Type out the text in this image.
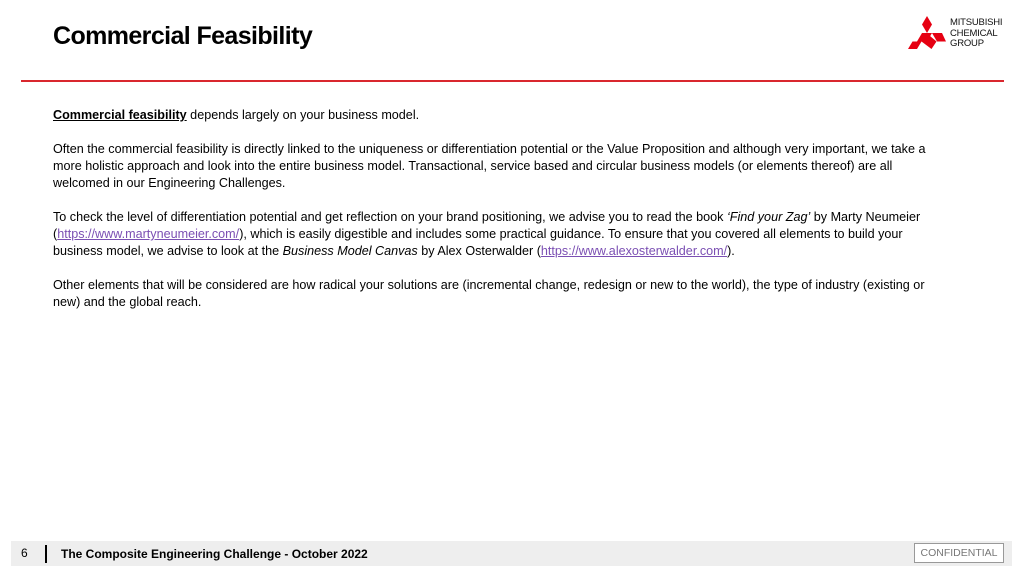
Commercial Feasibility	MITSUBISHI
CHEMICAL
GROUP

Commercial feasibility depends largely on your business model.

Often the commercial feasibility is directly linked to the uniqueness or differentiation potential or the Value Proposition and although very important, we take a more holistic approach and look into the entire business model. Transactional, service based and circular business models (or elements thereof) are all welcomed in our Engineering Challenges.

To check the level of differentiation potential and get reflection on your brand positioning, we advise you to read the book ‘Find your Zag’ by Marty Neumeier (https://www.martyneumeier.com/), which is easily digestible and includes some practical guidance. To ensure that you covered all elements to build your business model, we advise to look at the Business Model Canvas by Alex Osterwalder (https://www.alexosterwalder.com/).

Other elements that will be considered are how radical your solutions are (incremental change, redesign or new to the world), the type of industry (existing or new) and the global reach.

6	The Composite Engineering Challenge - October 2022	CONFIDENTIAL
